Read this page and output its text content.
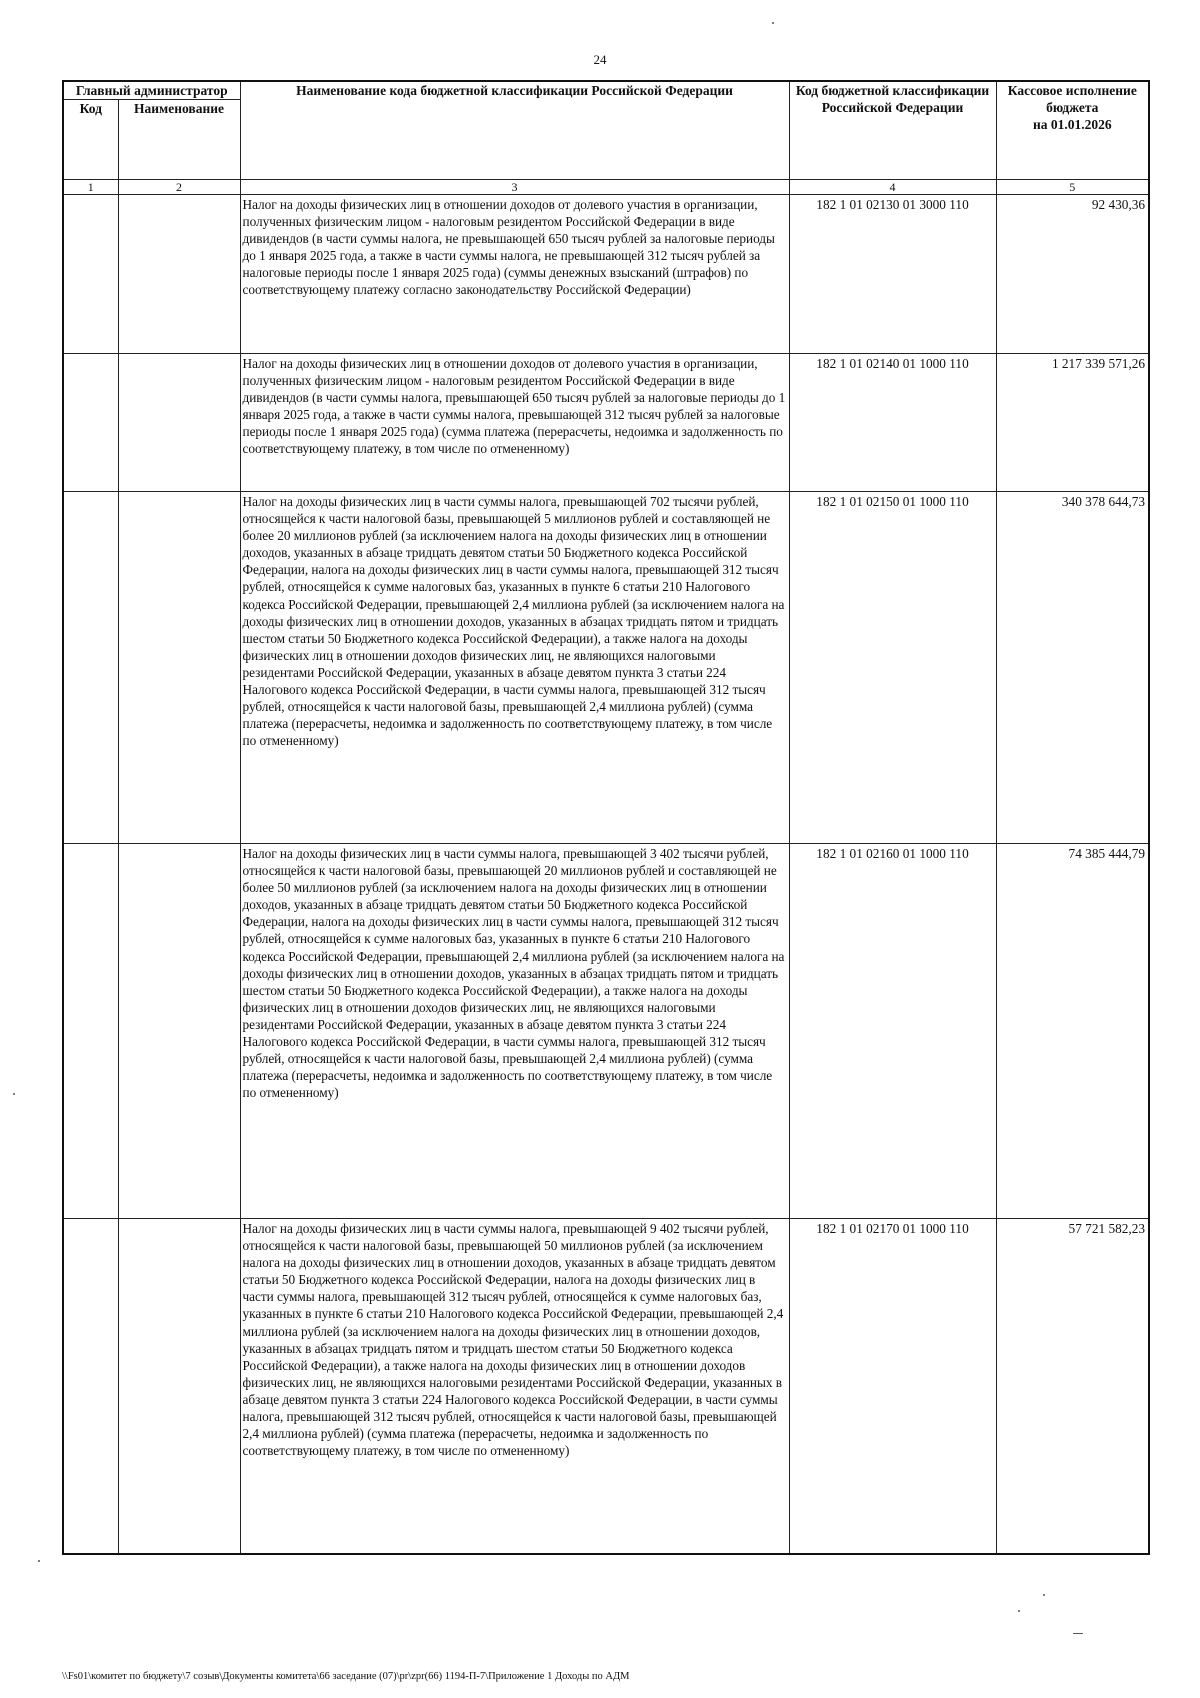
24
Главный администратор		Наименование кода бюджетной классификации Российской Федерации	Код бюджетной классификации Российской Федерации	Кассовое исполнение
бюджета
на 01.01.2026

Код	Наименование			
1	2	3	4	5
		Налог на доходы физических лиц в отношении доходов от долевого участия в организации, полученных физическим лицом - налоговым резидентом Российской Федерации в виде дивидендов (в части суммы налога, не превышающей 650 тысяч рублей за налоговые периоды до 1 января 2025 года, а также в части суммы налога, не превышающей 312 тысяч рублей за налоговые периоды после 1 января 2025 года) (суммы денежных взысканий (штрафов) по соответствующему платежу согласно законодательству Российской Федерации)	182 1 01 02130 01 3000 110	92 430,36
		Налог на доходы физических лиц в отношении доходов от долевого участия в организации, полученных физическим лицом - налоговым резидентом Российской Федерации в виде дивидендов (в части суммы налога, превышающей 650 тысяч рублей за налоговые периоды до 1 января 2025 года, а также в части суммы налога, превышающей 312 тысяч рублей за налоговые периоды после 1 января 2025 года) (сумма платежа (перерасчеты, недоимка и задолженность по соответствующему платежу, в том числе по отмененному)	182 1 01 02140 01 1000 110	1 217 339 571,26
		Налог на доходы физических лиц в части суммы налога, превышающей 702 тысячи рублей, относящейся к части налоговой базы, превышающей 5 миллионов рублей и составляющей не более 20 миллионов рублей (за исключением налога на доходы физических лиц в отношении доходов, указанных в абзаце тридцать девятом статьи 50 Бюджетного кодекса Российской Федерации, налога на доходы физических лиц в части суммы налога, превышающей 312 тысяч рублей, относящейся к сумме налоговых баз, указанных в пункте 6 статьи 210 Налогового кодекса Российской Федерации, превышающей 2,4 миллиона рублей (за исключением налога на доходы физических лиц в отношении доходов, указанных в абзацах тридцать пятом и тридцать шестом статьи 50 Бюджетного кодекса Российской Федерации), а также налога на доходы физических лиц в отношении доходов физических лиц, не являющихся налоговыми резидентами Российской Федерации, указанных в абзаце девятом пункта 3 статьи 224 Налогового кодекса Российской Федерации, в части суммы налога, превышающей 312 тысяч рублей, относящейся к части налоговой базы, превышающей 2,4 миллиона рублей) (сумма платежа (перерасчеты, недоимка и задолженность по соответствующему платежу, в том числе по отмененному)	182 1 01 02150 01 1000 110	340 378 644,73
		Налог на доходы физических лиц в части суммы налога, превышающей 3 402 тысячи рублей, относящейся к части налоговой базы, превышающей 20 миллионов рублей и составляющей не более 50 миллионов рублей (за исключением налога на доходы физических лиц в отношении доходов, указанных в абзаце тридцать девятом статьи 50 Бюджетного кодекса Российской Федерации, налога на доходы физических лиц в части суммы налога, превышающей 312 тысяч рублей, относящейся к сумме налоговых баз, указанных в пункте 6 статьи 210 Налогового кодекса Российской Федерации, превышающей 2,4 миллиона рублей (за исключением налога на доходы физических лиц в отношении доходов, указанных в абзацах тридцать пятом и тридцать шестом статьи 50 Бюджетного кодекса Российской Федерации), а также налога на доходы физических лиц в отношении доходов физических лиц, не являющихся налоговыми резидентами Российской Федерации, указанных в абзаце девятом пункта 3 статьи 224 Налогового кодекса Российской Федерации, в части суммы налога, превышающей 312 тысяч рублей, относящейся к части налоговой базы, превышающей 2,4 миллиона рублей) (сумма платежа (перерасчеты, недоимка и задолженность по соответствующему платежу, в том числе по отмененному)	182 1 01 02160 01 1000 110	74 385 444,79
		Налог на доходы физических лиц в части суммы налога, превышающей 9 402 тысячи рублей, относящейся к части налоговой базы, превышающей 50 миллионов рублей (за исключением налога на доходы физических лиц в отношении доходов, указанных в абзаце тридцать девятом статьи 50 Бюджетного кодекса Российской Федерации, налога на доходы физических лиц в части суммы налога, превышающей 312 тысяч рублей, относящейся к сумме налоговых баз, указанных в пункте 6 статьи 210 Налогового кодекса Российской Федерации, превышающей 2,4 миллиона рублей (за исключением налога на доходы физических лиц в отношении доходов, указанных в абзацах тридцать пятом и тридцать шестом статьи 50 Бюджетного кодекса Российской Федерации), а также налога на доходы физических лиц в отношении доходов физических лиц, не являющихся налоговыми резидентами Российской Федерации, указанных в абзаце девятом пункта 3 статьи 224 Налогового кодекса Российской Федерации, в части суммы налога, превышающей 312 тысяч рублей, относящейся к части налоговой базы, превышающей 2,4 миллиона рублей) (сумма платежа (перерасчеты, недоимка и задолженность по соответствующему платежу, в том числе по отмененному)	182 1 01 02170 01 1000 110	57 721 582,23
\\Fs01\комитет по бюджету\7 созыв\Документы комитета\66 заседание (07)\pr\zpr(66) 1194-П-7\Приложение 1 Доходы по АДМ
